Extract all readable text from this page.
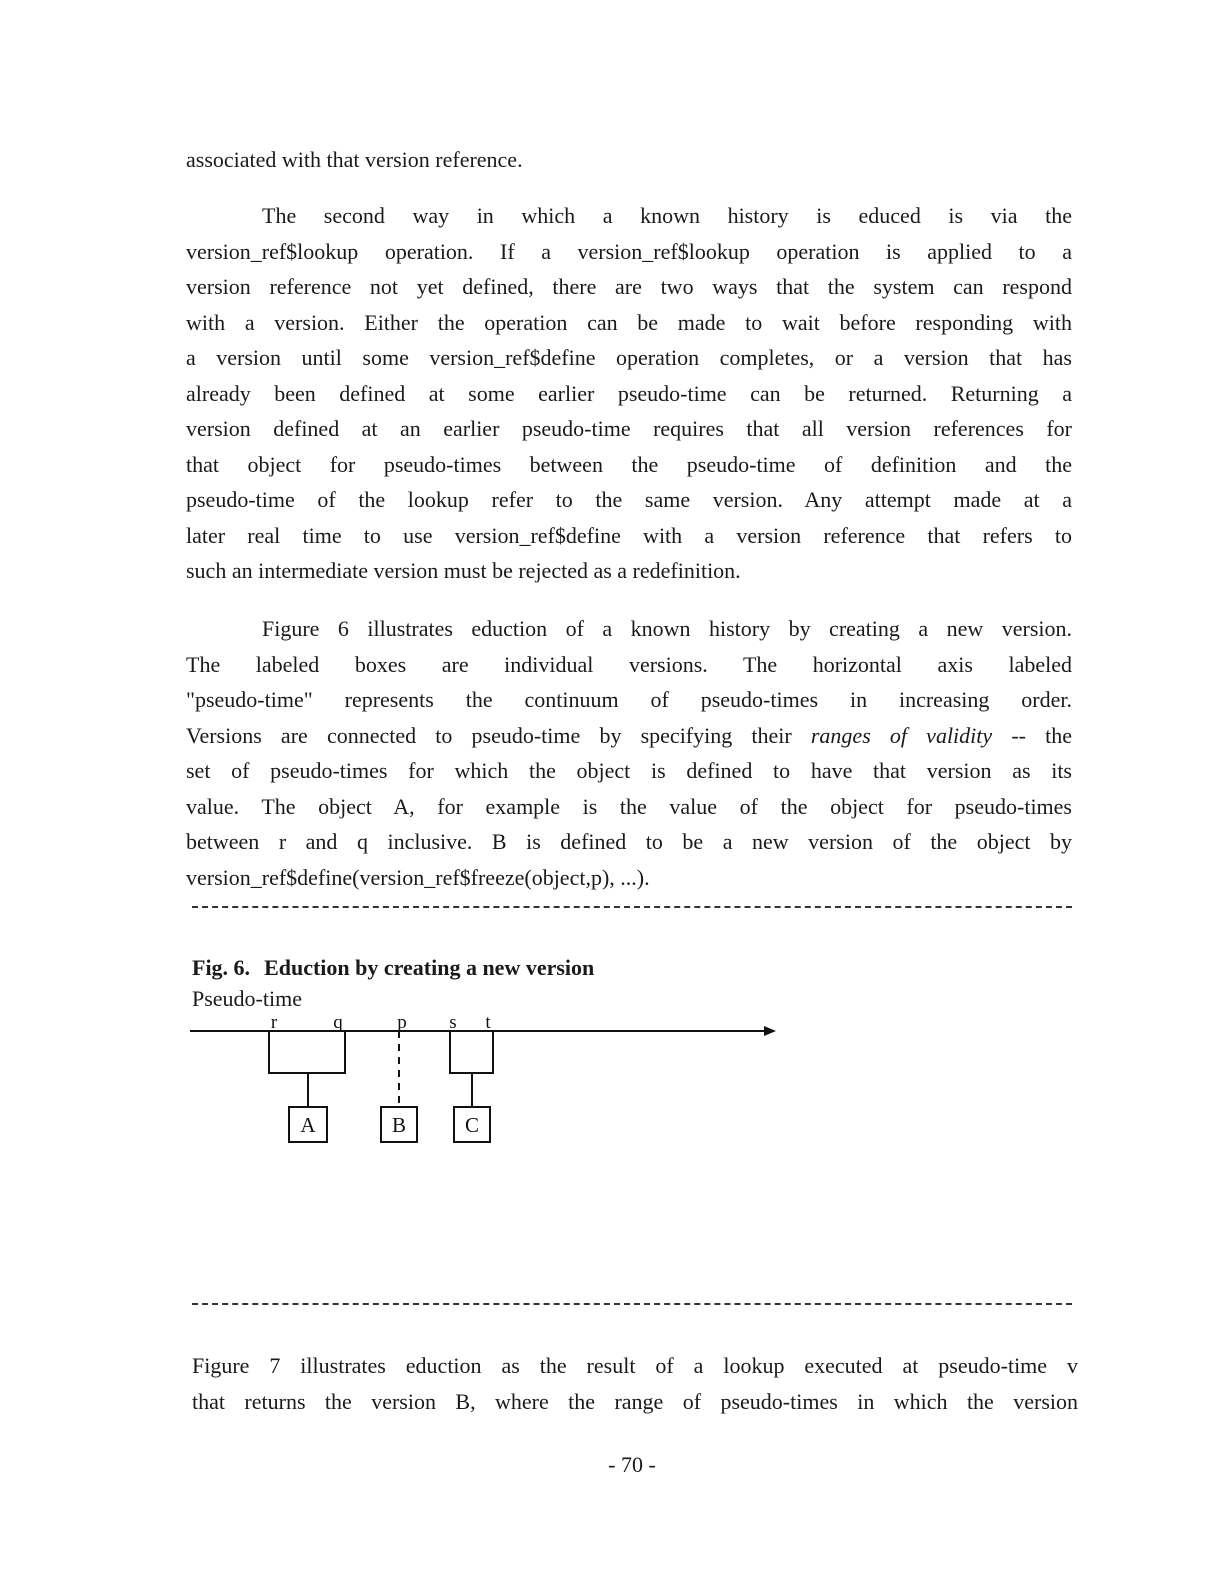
associated with that version reference.
The second way in which a known history is educed is via the
version_ref$lookup operation. If a version_ref$lookup operation is applied to a
version reference not yet defined, there are two ways that the system can respond
with a version. Either the operation can be made to wait before responding with
a version until some version_ref$define operation completes, or a version that has
already been defined at some earlier pseudo-time can be returned. Returning a
version defined at an earlier pseudo-time requires that all version references for
that object for pseudo-times between the pseudo-time of definition and the
pseudo-time of the lookup refer to the same version. Any attempt made at a
later real time to use version_ref$define with a version reference that refers to
such an intermediate version must be rejected as a redefinition.
Figure 6 illustrates eduction of a known history by creating a new version.
The labeled boxes are individual versions. The horizontal axis labeled
"pseudo-time" represents the continuum of pseudo-times in increasing order.
Versions are connected to pseudo-time by specifying their ranges of validity -- the
set of pseudo-times for which the object is defined to have that version as its
value. The object A, for example is the value of the object for pseudo-times
between r and q inclusive. B is defined to be a new version of the object by
version_ref$define(version_ref$freeze(object,p), ...).
Fig. 6. Eduction by creating a new version
Pseudo-time
r	q	p s t
A	B	C
Figure 7 illustrates eduction as the result of a lookup executed at pseudo-time v
that returns the version B, where the range of pseudo-times in which the version
- 70 -
